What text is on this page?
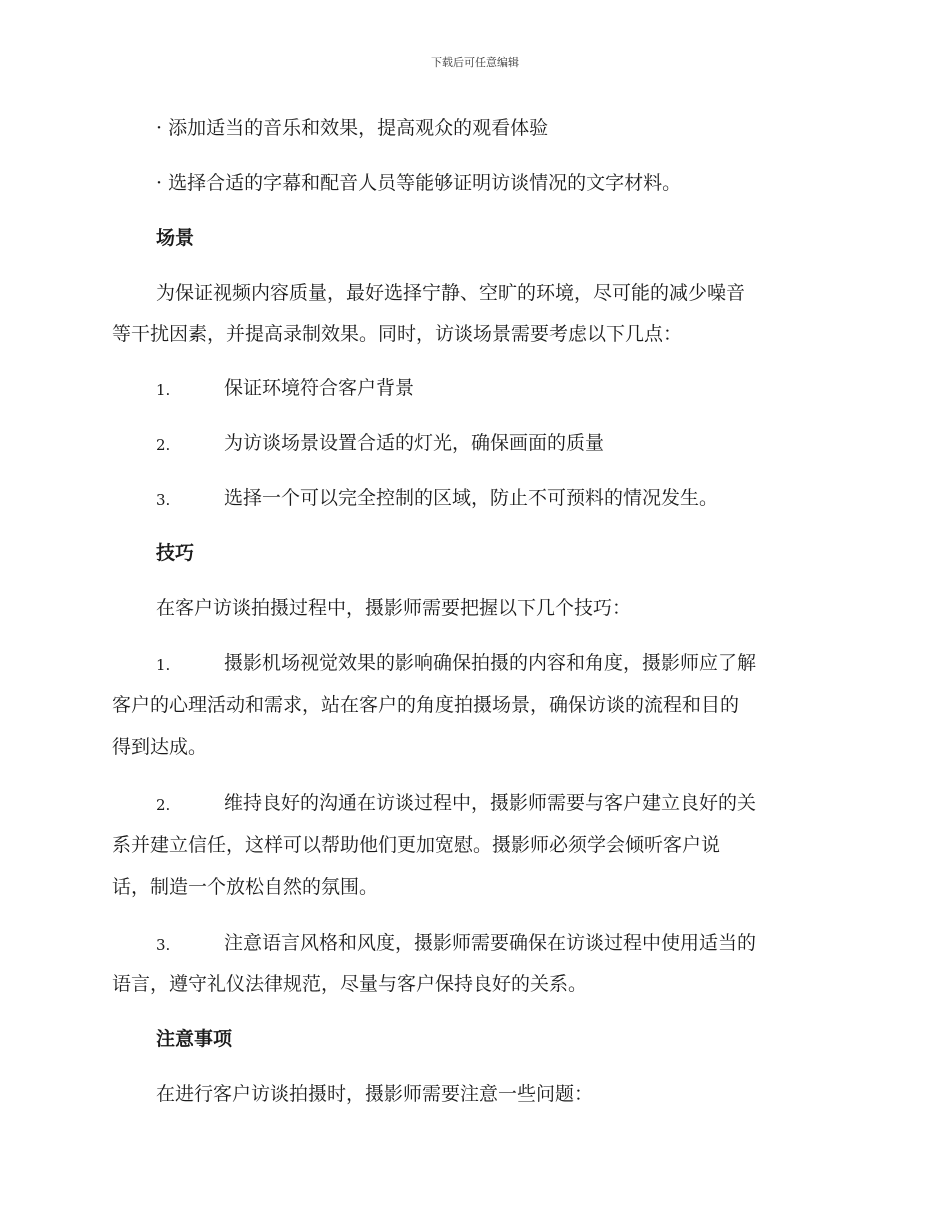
下载后可任意编辑
· 添加适当的音乐和效果，提高观众的观看体验
· 选择合适的字幕和配音人员等能够证明访谈情况的文字材料。
场景
为保证视频内容质量，最好选择宁静、空旷的环境，尽可能的减少噪音
等干扰因素，并提高录制效果。同时，访谈场景需要考虑以下几点：
1.	保证环境符合客户背景
2.	为访谈场景设置合适的灯光，确保画面的质量
3.	选择一个可以完全控制的区域，防止不可预料的情况发生。
技巧
在客户访谈拍摄过程中，摄影师需要把握以下几个技巧：
1.	摄影机场视觉效果的影响确保拍摄的内容和角度，摄影师应了解
客户的心理活动和需求，站在客户的角度拍摄场景，确保访谈的流程和目的
得到达成。
2.	维持良好的沟通在访谈过程中，摄影师需要与客户建立良好的关
系并建立信任，这样可以帮助他们更加宽慰。摄影师必须学会倾听客户说
话，制造一个放松自然的氛围。
3.	注意语言风格和风度，摄影师需要确保在访谈过程中使用适当的
语言，遵守礼仪法律规范，尽量与客户保持良好的关系。
注意事项
在进行客户访谈拍摄时，摄影师需要注意一些问题：
